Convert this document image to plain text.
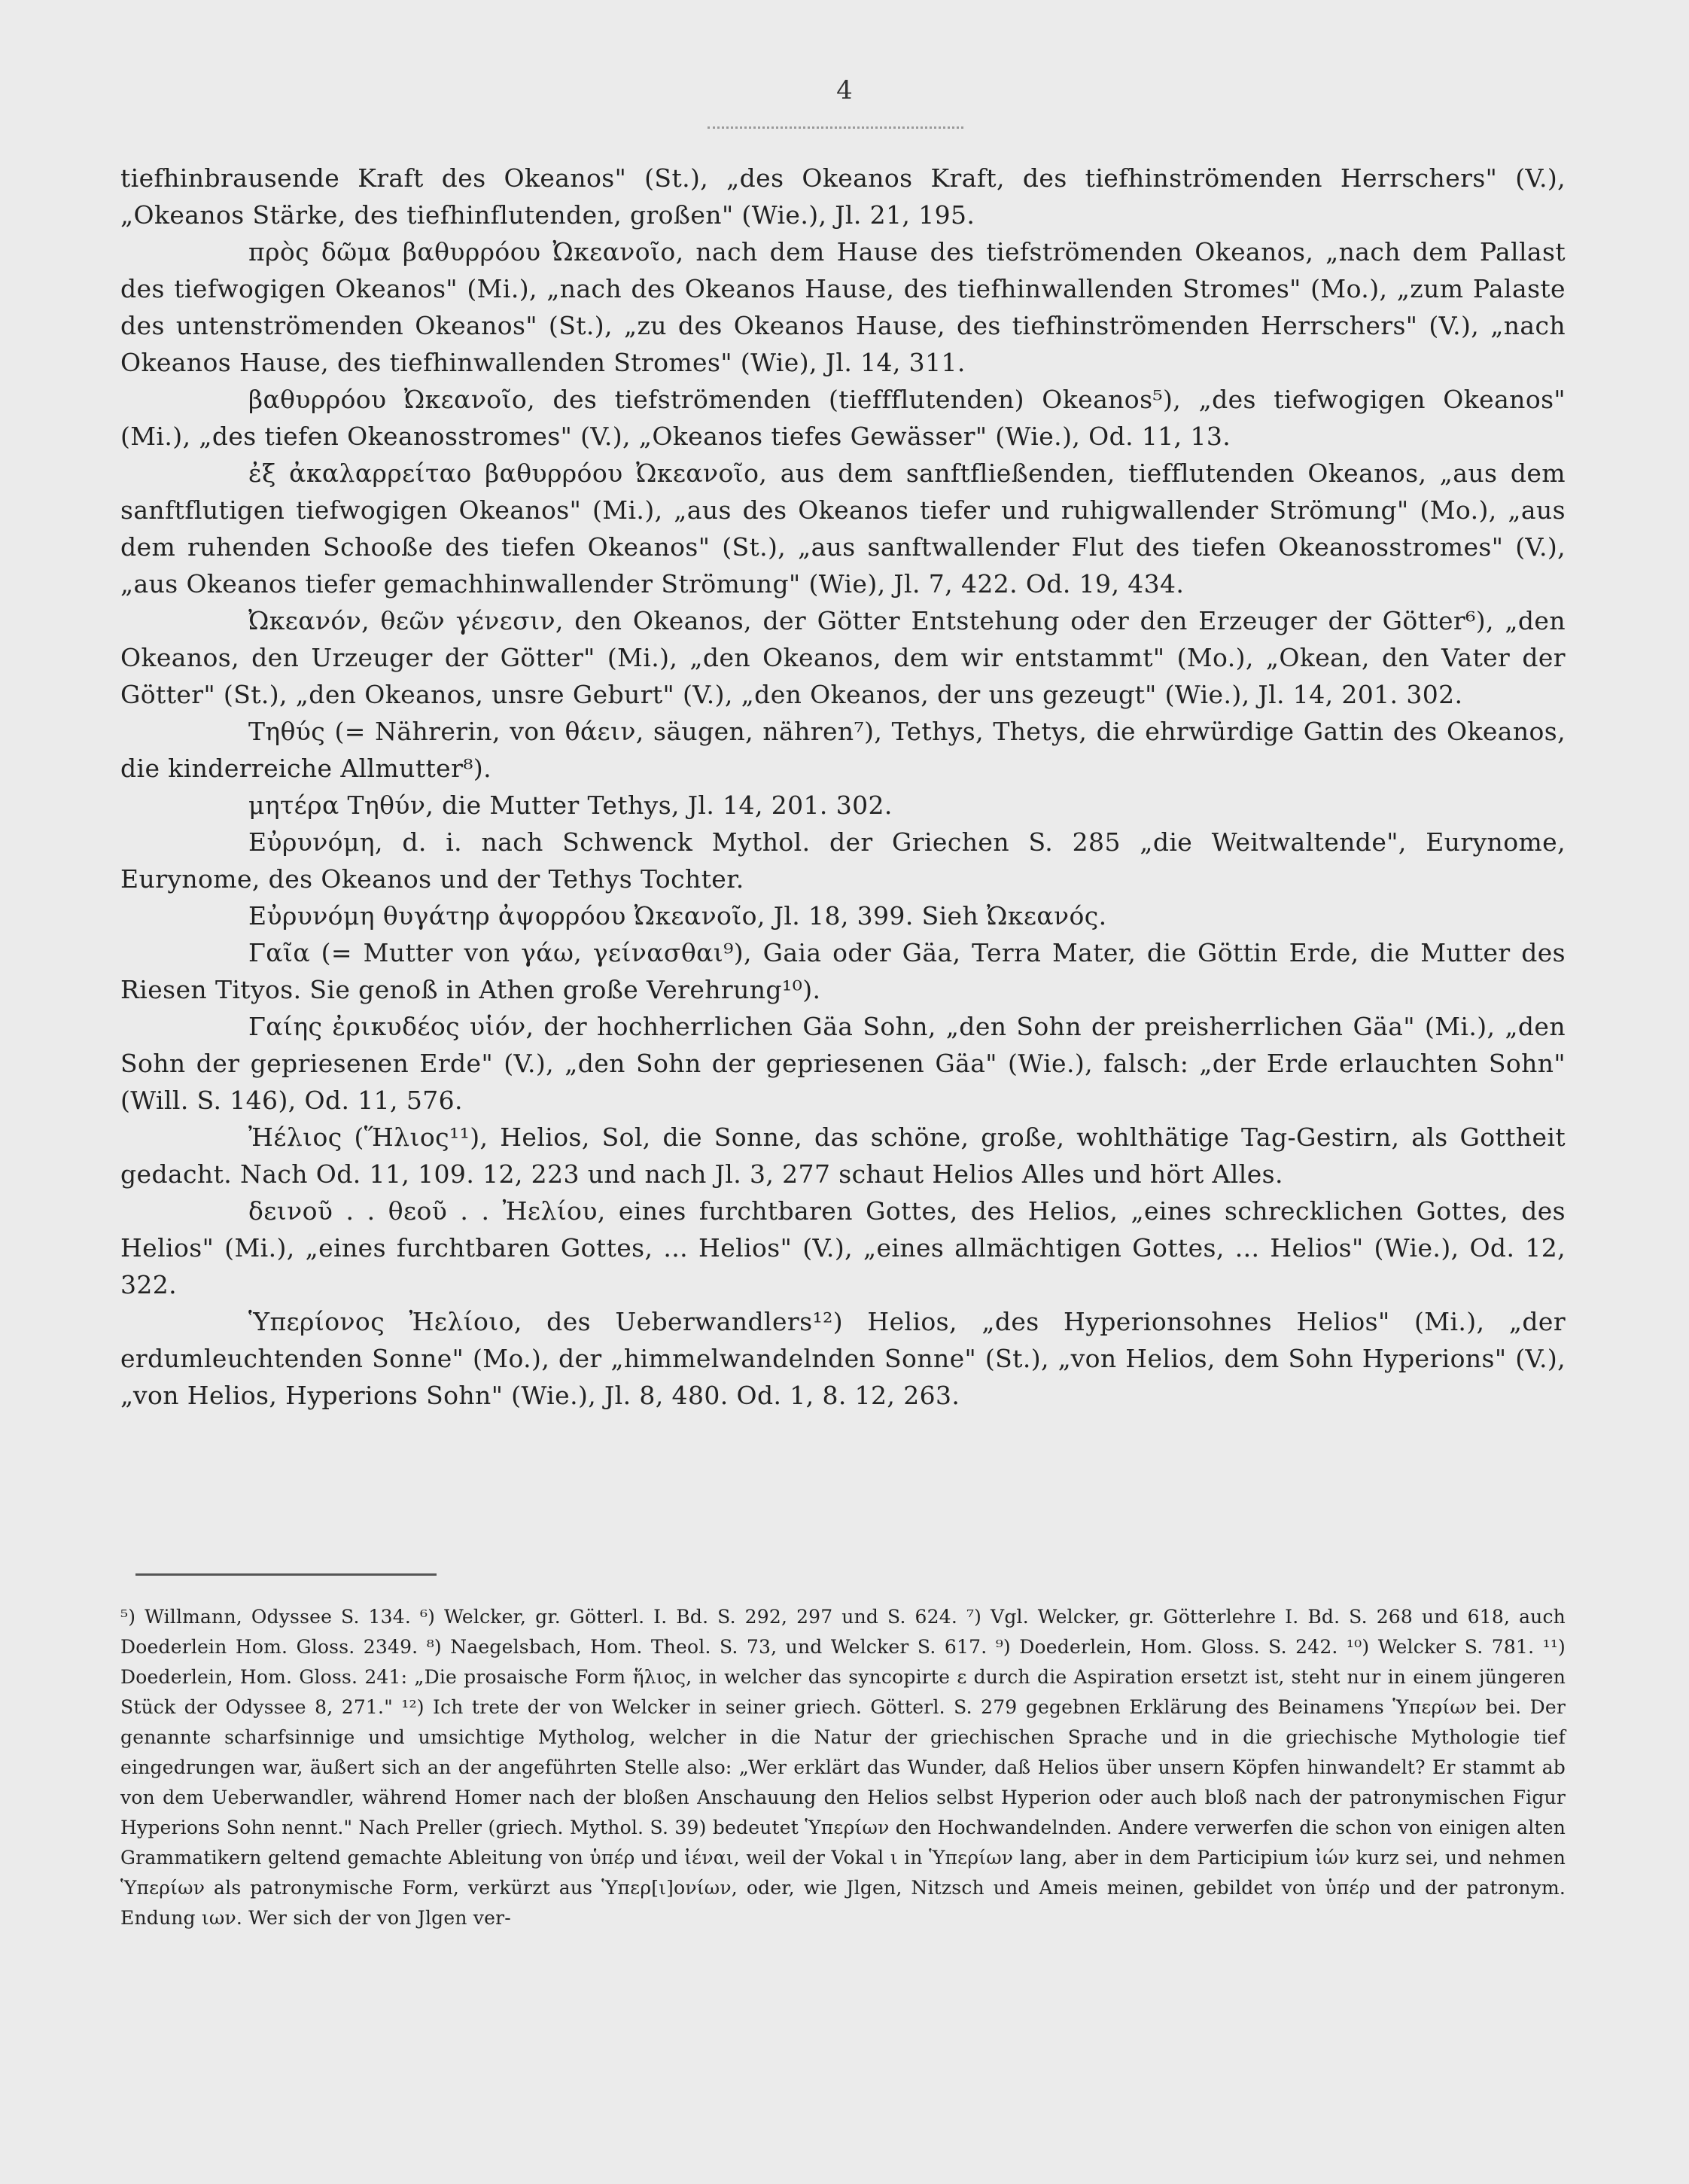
4

tiefhinbrausende Kraft des Okeanos" (St.), „des Okeanos Kraft, des tiefhinströmenden Herrschers" (V.), „Okeanos Stärke, des tiefhinflutenden, großen" (Wie.), Jl. 21, 195.

πρὸς δῶμα βαθυρρόου Ὠκεανοῖο, nach dem Hause des tiefströmenden Okeanos, „nach dem Pallast des tiefwogigen Okeanos" (Mi.), „nach des Okeanos Hause, des tiefhinwallenden Stromes" (Mo.), „zum Palaste des untenströmenden Okeanos" (St.), „zu des Okeanos Hause, des tiefhinströmenden Herrschers" (V.), „nach Okeanos Hause, des tiefhinwallenden Stromes" (Wie), Jl. 14, 311.

βαθυρρόου Ὠκεανοῖο, des tiefströmenden (tieffflutenden) Okeanos⁵), „des tiefwogigen Okeanos" (Mi.), „des tiefen Okeanosstromes" (V.), „Okeanos tiefes Gewässer" (Wie.), Od. 11, 13.

ἐξ ἀκαλαρρείταο βαθυρρόου Ὠκεανοῖο, aus dem sanftfließenden, tiefflutenden Okeanos, „aus dem sanftflutigen tiefwogigen Okeanos" (Mi.), „aus des Okeanos tiefer und ruhigwallender Strömung" (Mo.), „aus dem ruhenden Schooße des tiefen Okeanos" (St.), „aus sanftwallender Flut des tiefen Okeanosstromes" (V.), „aus Okeanos tiefer gemachhinwallender Strömung" (Wie), Jl. 7, 422. Od. 19, 434.

Ὠκεανόν, θεῶν γένεσιν, den Okeanos, der Götter Entstehung oder den Erzeuger der Götter⁶), „den Okeanos, den Urzeuger der Götter" (Mi.), „den Okeanos, dem wir entstammt" (Mo.), „Okean, den Vater der Götter" (St.), „den Okeanos, unsre Geburt" (V.), „den Okeanos, der uns gezeugt" (Wie.), Jl. 14, 201. 302.

Τηθύς (= Nährerin, von θάειν, säugen, nähren⁷), Tethys, Thetys, die ehrwürdige Gattin des Okeanos, die kinderreiche Allmutter⁸).

μητέρα Τηθύν, die Mutter Tethys, Jl. 14, 201. 302.

Εὐρυνόμη, d. i. nach Schwenck Mythol. der Griechen S. 285 „die Weitwaltende", Eurynome, Eurynome, des Okeanos und der Tethys Tochter.

Εὐρυνόμη θυγάτηρ ἀψορρόου Ὠκεανοῖο, Jl. 18, 399. Sieh Ὠκεανός.

Γαῖα (= Mutter von γάω, γείνασθαι⁹), Gaia oder Gäa, Terra Mater, die Göttin Erde, die Mutter des Riesen Tityos. Sie genoß in Athen große Verehrung¹⁰).

Γαίης ἐρικυδέος υἱόν, der hochherrlichen Gäa Sohn, „den Sohn der preisherrlichen Gäa" (Mi.), „den Sohn der gepriesenen Erde" (V.), „den Sohn der gepriesenen Gäa" (Wie.), falsch: „der Erde erlauchten Sohn" (Will. S. 146), Od. 11, 576.

Ἠέλιος (Ἥλιος¹¹), Helios, Sol, die Sonne, das schöne, große, wohlthätige Tag-Gestirn, als Gottheit gedacht. Nach Od. 11, 109. 12, 223 und nach Jl. 3, 277 schaut Helios Alles und hört Alles.

δεινοῦ . . θεοῦ . . Ἠελίου, eines furchtbaren Gottes, des Helios, „eines schrecklichen Gottes, des Helios" (Mi.), „eines furchtbaren Gottes, ... Helios" (V.), „eines allmächtigen Gottes, ... Helios" (Wie.), Od. 12, 322.

Ὑπερίονος Ἠελίοιο, des Ueberwandlers¹²) Helios, „des Hyperionsohnes Helios" (Mi.), „der erdumleuchtenden Sonne" (Mo.), der „himmelwandelnden Sonne" (St.), „von Helios, dem Sohn Hyperions" (V.), „von Helios, Hyperions Sohn" (Wie.), Jl. 8, 480. Od. 1, 8. 12, 263.

⁵) Willmann, Odyssee S. 134. ⁶) Welcker, gr. Götterl. I. Bd. S. 292, 297 und S. 624. ⁷) Vgl. Welcker, gr. Götterlehre I. Bd. S. 268 und 618, auch Doederlein Hom. Gloss. 2349. ⁸) Naegelsbach, Hom. Theol. S. 73, und Welcker S. 617. ⁹) Doederlein, Hom. Gloss. S. 242. ¹⁰) Welcker S. 781. ¹¹) Doederlein, Hom. Gloss. 241: „Die prosaische Form ἥλιος, in welcher das syncopirte ε durch die Aspiration ersetzt ist, steht nur in einem jüngeren Stück der Odyssee 8, 271." ¹²) Ich trete der von Welcker in seiner griech. Götterl. S. 279 gegebnen Erklärung des Beinamens Ὑπερίων bei. Der genannte scharfsinnige und umsichtige Mytholog, welcher in die Natur der griechischen Sprache und in die griechische Mythologie tief eingedrungen war, äußert sich an der angeführten Stelle also: „Wer erklärt das Wunder, daß Helios über unsern Köpfen hinwandelt? Er stammt ab von dem Ueberwandler, während Homer nach der bloßen Anschauung den Helios selbst Hyperion oder auch bloß nach der patronymischen Figur Hyperions Sohn nennt." Nach Preller (griech. Mythol. S. 39) bedeutet Ὑπερίων den Hochwandelnden. Andere verwerfen die schon von einigen alten Grammatikern geltend gemachte Ableitung von ὑπέρ und ἰέναι, weil der Vokal ι in Ὑπερίων lang, aber in dem Participium ἰών kurz sei, und nehmen Ὑπερίων als patronymische Form, verkürzt aus Ὑπερ[ι]ονίων, oder, wie Jlgen, Nitzsch und Ameis meinen, gebildet von ὑπέρ und der patronym. Endung ιων. Wer sich der von Jlgen ver-
